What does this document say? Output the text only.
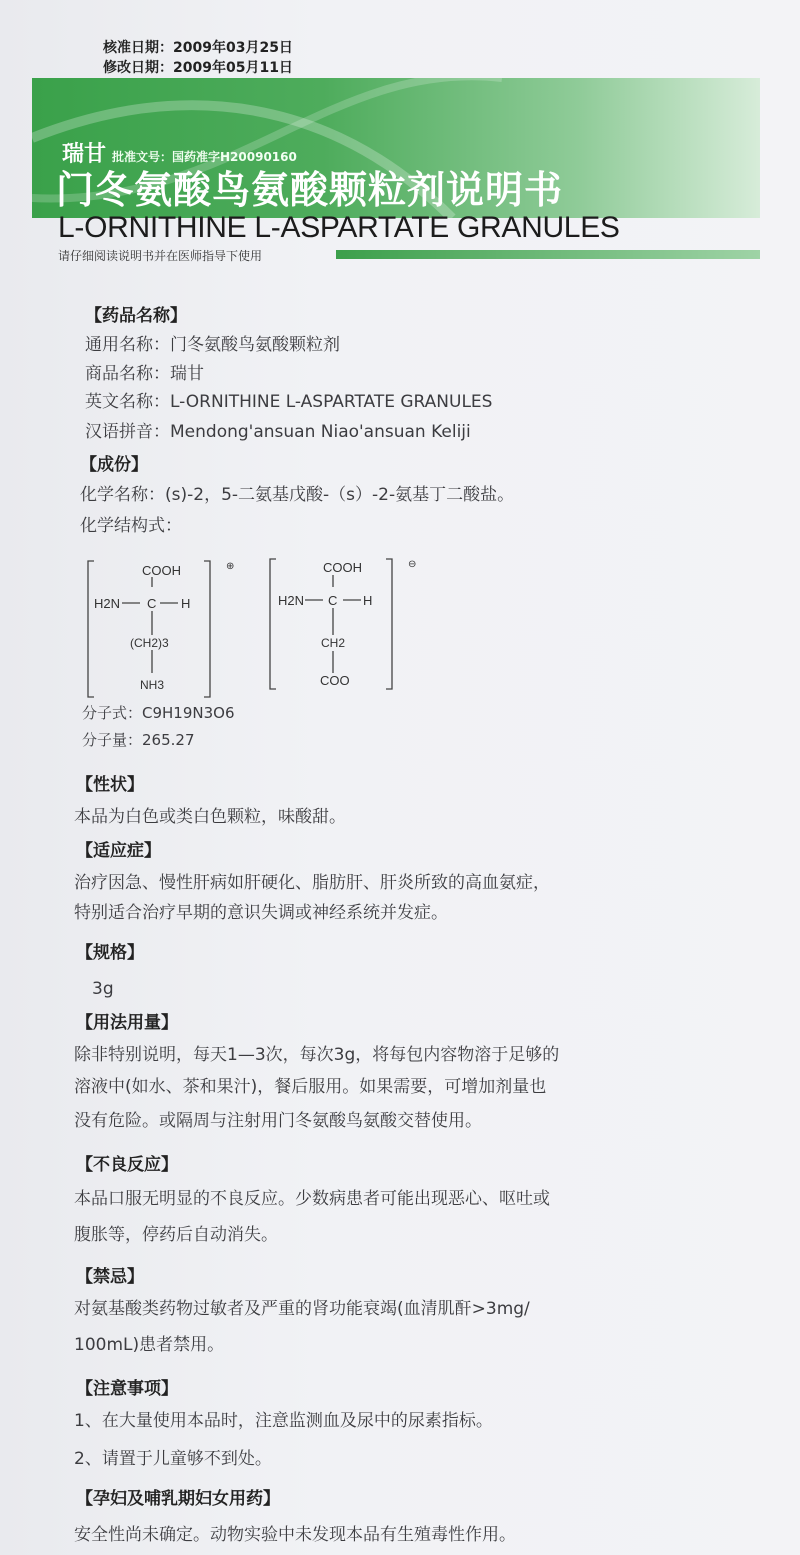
核准日期：2009年03月25日
修改日期：2009年05月11日
瑞甘 批准文号：国药准字H20090160
门冬氨酸鸟氨酸颗粒剂说明书
L-ORNITHINE L-ASPARTATE GRANULES
请仔细阅读说明书并在医师指导下使用
【药品名称】
通用名称：门冬氨酸鸟氨酸颗粒剂
商品名称：瑞甘
英文名称：L-ORNITHINE L-ASPARTATE GRANULES
汉语拼音：Mendong'ansuan Niao'ansuan Keliji
【成份】
化学名称：(s)-2，5-二氨基戊酸-（s）-2-氨基丁二酸盐。
化学结构式：
COOH
H2N C H
(CH2)3
NH3
⊕	COOH
H2N C H
CH2
COO
⊖
分子式：C9H19N3O6
分子量：265.27
【性状】
本品为白色或类白色颗粒，味酸甜。
【适应症】
治疗因急、慢性肝病如肝硬化、脂肪肝、肝炎所致的高血氨症，
特别适合治疗早期的意识失调或神经系统并发症。
【规格】
3g
【用法用量】
除非特别说明，每天1—3次，每次3g，将每包内容物溶于足够的
溶液中(如水、茶和果汁)，餐后服用。如果需要，可增加剂量也
没有危险。或隔周与注射用门冬氨酸鸟氨酸交替使用。
【不良反应】
本品口服无明显的不良反应。少数病患者可能出现恶心、呕吐或
腹胀等，停药后自动消失。
【禁忌】
对氨基酸类药物过敏者及严重的肾功能衰竭(血清肌酐>3mg/
100mL)患者禁用。
【注意事项】
1、在大量使用本品时，注意监测血及尿中的尿素指标。
2、请置于儿童够不到处。
【孕妇及哺乳期妇女用药】
安全性尚未确定。动物实验中未发现本品有生殖毒性作用。
